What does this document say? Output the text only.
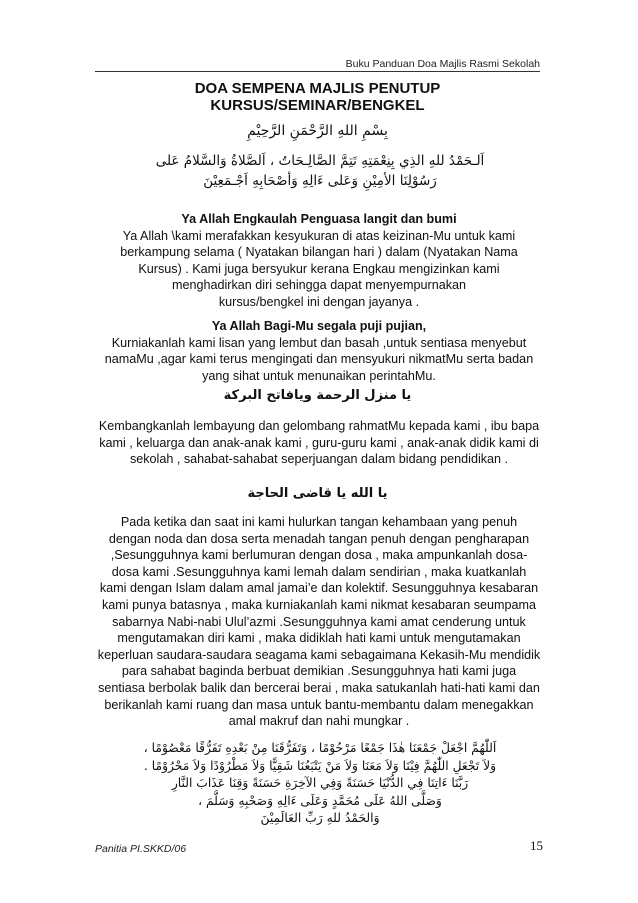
Buku Panduan Doa Majlis Rasmi Sekolah
DOA SEMPENA MAJLIS PENUTUP
KURSUS/SEMINAR/BENGKEL
بِسْمِ اللهِ الرَّحْمَنِ الرَّحِيْمِ

اَلـحَمْدُ للهِ الذِي بِنِعْمَتِهِ تَتِمَّ الصَّالِـحَاتُ ، اَلصَّلاةُ وَالسَّلامُ عَلى

رَسُوْلِنَا الأمِيْنِ وَعَلى ءَالِهِ وَأصْحَابِهِ اَجْـمَعِيْنَ

Ya Allah Engkaulah Penguasa langit dan bumi

Ya Allah \kami merafakkan kesyukuran di atas keizinan-Mu untuk kami

berkampung selama ( Nyatakan bilangan hari ) dalam (Nyatakan Nama

Kursus) . Kami juga bersyukur kerana Engkau mengizinkan kami

menghadirkan diri sehingga dapat menyempurnakan

kursus/bengkel ini dengan jayanya .

Ya Allah Bagi-Mu segala puji pujian,

Kurniakanlah kami lisan yang lembut dan basah ,untuk sentiasa menyebut

namaMu ,agar kami terus mengingati dan mensyukuri nikmatMu serta badan

yang sihat untuk menunaikan perintahMu.

يا منزل الرحمة ويافاتح البركة

Kembangkanlah lembayung dan gelombang rahmatMu kepada kami , ibu bapa

kami , keluarga dan anak-anak kami , guru-guru kami , anak-anak didik kami di

sekolah , sahabat-sahabat seperjuangan dalam bidang pendidikan .

يا الله يا قاضى الحاجة

Pada ketika dan saat ini kami hulurkan tangan kehambaan yang penuh

dengan noda dan dosa serta menadah tangan penuh dengan pengharapan

,Sesungguhnya kami berlumuran dengan dosa , maka ampunkanlah dosa-

dosa kami .Sesungguhnya kami lemah dalam sendirian , maka kuatkanlah

kami dengan Islam dalam amal jamai’e dan kolektif. Sesungguhnya kesabaran

kami punya batasnya , maka kurniakanlah kami nikmat kesabaran seumpama

sabarnya Nabi-nabi Ulul’azmi .Sesungguhnya kami amat cenderung untuk

mengutamakan diri kami , maka didiklah hati kami untuk mengutamakan

keperluan saudara-saudara seagama kami sebagaimana Kekasih-Mu mendidik

para sahabat baginda berbuat demikian .Sesungguhnya hati kami juga

sentiasa berbolak balik dan bercerai berai , maka satukanlah hati-hati kami dan

berikanlah kami ruang dan masa untuk bantu-membantu dalam menegakkan

amal makruf dan nahi mungkar .

اَللّٰهُمَّ اجْعَلْ جَمْعَنَا هٰذَا جَمْعًا مَرْحُوْمًا ، وَتَفَرُّقَنَا مِنْ بَعْدِهِ تَفَرُّقًا مَعْصُوْمًا ،

وَلاَ تَجْعَلِ اللّٰهُمَّ فِيْنَا وَلاَ مَعَنَا وَلاَ مَنْ يَتْبَعُنَا شَقِيًّا وَلاَ مَطْرُوْدًا وَلاَ مَحْرُوْمًا .

رَبَّنَا ءَاتِنَا فِي الدُّنْيَا حَسَنَةً وَفِي الآخِرَةِ حَسَنَةً وَقِنَا عَذَابَ النَّارِ

وَصَلَّى اللهُ عَلَى مُحَمَّدٍ وَعَلَى ءَالِهِ وَصَحْبِهِ وَسَلَّمَ ،

وَالحَمْدُ للهِ رَبِّ العَالَمِيْنَ

Panitia PI.SKKD/06	15
